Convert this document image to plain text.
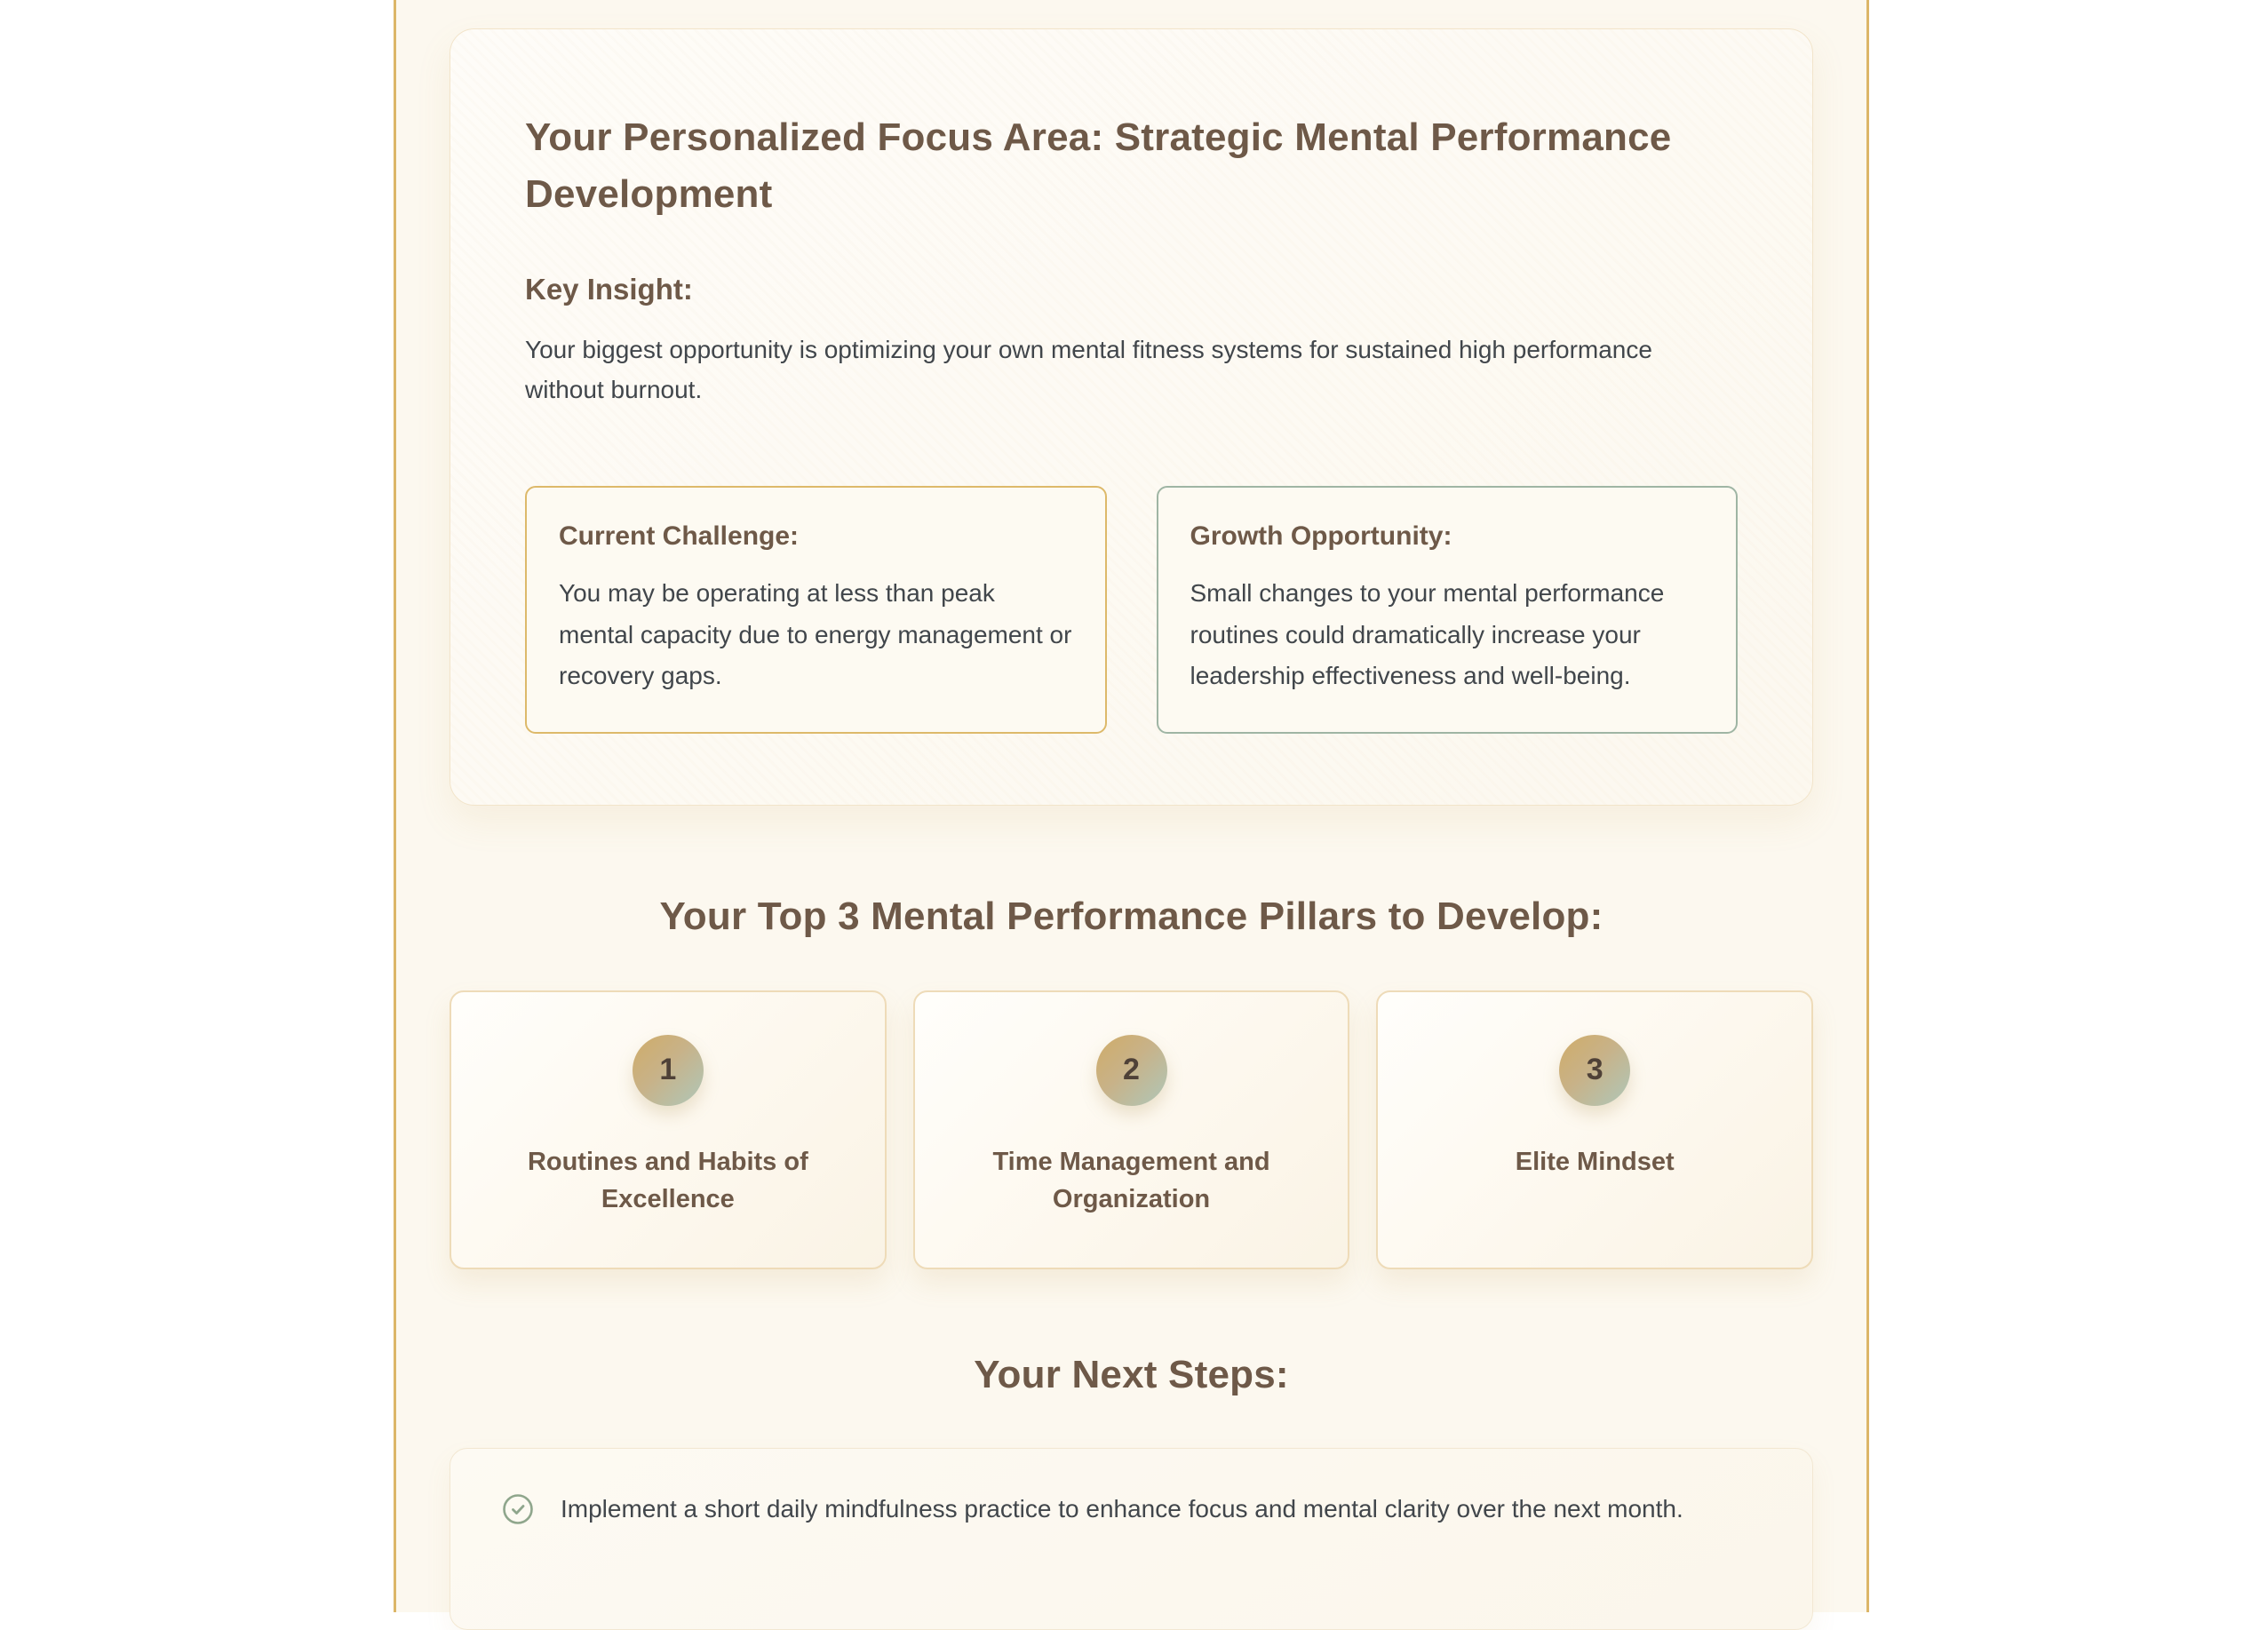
Your Personalized Focus Area: Strategic Mental Performance Development
Key Insight:

Your biggest opportunity is optimizing your own mental fitness systems for sustained high performance without burnout.

Current Challenge:

You may be operating at less than peak mental capacity due to energy management or recovery gaps.

Growth Opportunity:

Small changes to your mental performance routines could dramatically increase your leadership effectiveness and well-being.

Your Top 3 Mental Performance Pillars to Develop:
1
Routines and Habits of Excellence
2
Time Management and Organization
3
Elite Mindset
Your Next Steps:

Implement a short daily mindfulness practice to enhance focus and mental clarity over the next month.
